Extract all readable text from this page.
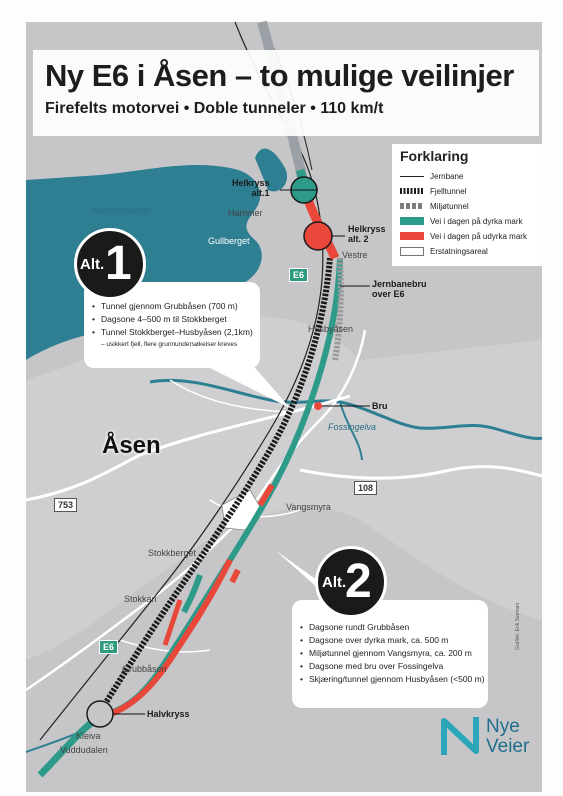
Ny E6 i Åsen – to mulige veilinjer
Firefelts motorvei • Doble tunneler • 110 km/t
Forklaring
Jernbane
Fjelltunnel
Miljøtunnel
Vei i dagen på dyrka mark
Vei i dagen på udyrka mark
Erstatningsareal
• Tunnel gjennom Grubbåsen (700 m)
• Dagsone 4–500 m til Stokkberget
• Tunnel Stokkberget–Husbyåsen (2,1km)
– usikkert fjell, flere grunnundersøkelser kreves
Alt. 1
• Dagsone rundt Grubbåsen
• Dagsone over dyrka mark, ca. 500 m
• Miljøtunnel gjennom Vangsmyra, ca. 200 m
• Dagsone med bru over Fossingelva
• Skjæring/tunnel gjennom Husbyåsen (<500 m)
Alt.
2
Åsen
Hammervatnet	Hammer
Gullberget
Vestre
Husbyåsen
Fossingelva
Vangsmyra
Stokkberget
Stokkan
Grubbåsen
Kleiva
Vuddudalen
Helkryss
alt.1
Helkryss
alt. 2
Jernbanebru
over E6
Bru
Halvkryss
E6
E6
753
108
Grafikk: Erik Seeman
Nye
Veier
